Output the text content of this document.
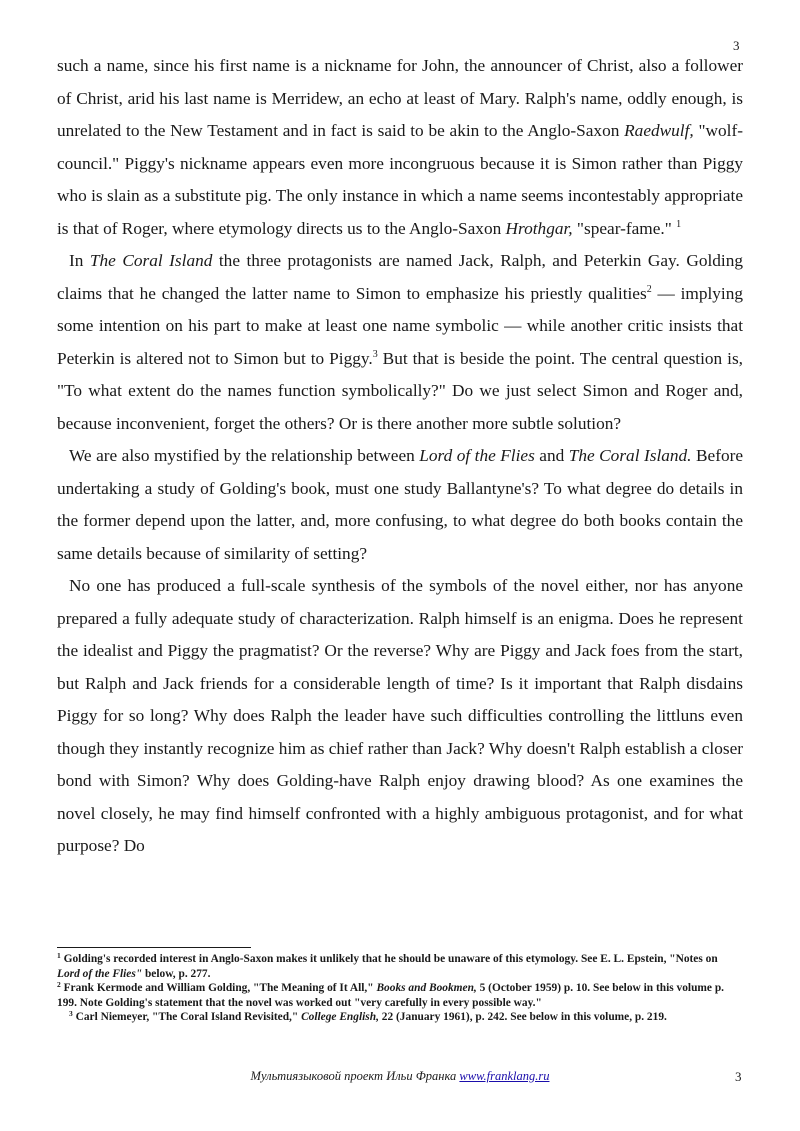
3

such a name, since his first name is a nickname for John, the announcer of Christ, also a follower of Christ, arid his last name is Merridew, an echo at least of Mary. Ralph's name, oddly enough, is unrelated to the New Testament and in fact is said to be akin to the Anglo-Saxon Raedwulf, "wolf-council." Piggy's nickname appears even more incongruous because it is Simon rather than Piggy who is slain as a substitute pig. The only instance in which a name seems incontestably appropriate is that of Roger, where etymology directs us to the Anglo-Saxon Hrothgar, "spear-fame." $^1$

In The Coral Island the three protagonists are named Jack, Ralph, and Peterkin Gay. Golding claims that he changed the latter name to Simon to emphasize his priestly qualities$^2$ — implying some intention on his part to make at least one name symbolic — while another critic insists that Peterkin is altered not to Simon but to Piggy.$^3$ But that is beside the point. The central question is, "To what extent do the names function symbolically?" Do we just select Simon and Roger and, because inconvenient, forget the others? Or is there another more subtle solution?

We are also mystified by the relationship between Lord of the Flies and The Coral Island. Before undertaking a study of Golding's book, must one study Ballantyne's? To what degree do details in the former depend upon the latter, and, more confusing, to what degree do both books contain the same details because of similarity of setting?

No one has produced a full-scale synthesis of the symbols of the novel either, nor has anyone prepared a fully adequate study of characterization. Ralph himself is an enigma. Does he represent the idealist and Piggy the pragmatist? Or the reverse? Why are Piggy and Jack foes from the start, but Ralph and Jack friends for a considerable length of time? Is it important that Ralph disdains Piggy for so long? Why does Ralph the leader have such difficulties controlling the littluns even though they instantly recognize him as chief rather than Jack? Why doesn't Ralph establish a closer bond with Simon? Why does Golding-have Ralph enjoy drawing blood? As one examines the novel closely, he may find himself confronted with a highly ambiguous protagonist, and for what purpose? Do

$^1$ Golding's recorded interest in Anglo-Saxon makes it unlikely that he should be unaware of this etymology. See E. L. Epstein, "Notes on Lord of the Flies" below, p. 277.

$^2$ Frank Kermode and William Golding, "The Meaning of It All," Books and Bookmen, 5 (October 1959) p. 10. See below in this volume p. 199. Note Golding's statement that the novel was worked out "very carefully in every possible way."

$^3$ Carl Niemeyer, "The Coral Island Revisited," College English, 22 (January 1961), p. 242. See below in this volume, p. 219.

Мультиязыковой проект Ильи Франка www.franklang.ru	3
